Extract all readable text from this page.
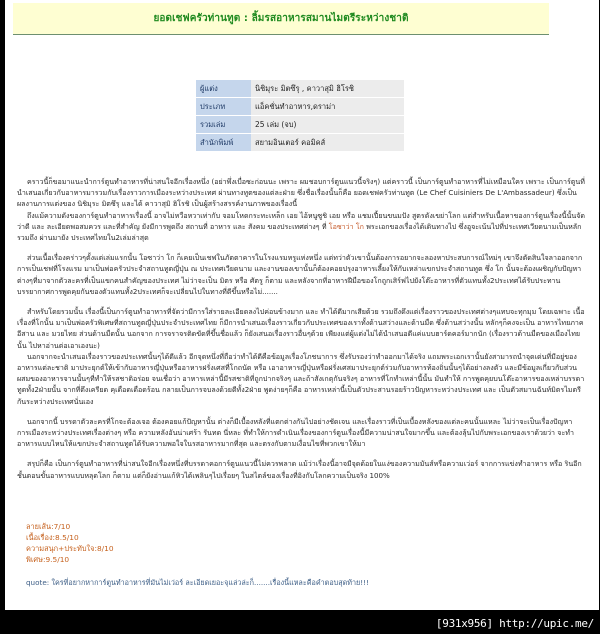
ยอดเชฟครัวท่านทูต : ลิ้มรสอาหารสมานไมตรีระหว่างชาติ
ผู้แต่ง	นิชิมุระ มิตซึรุ , คาวาสุมิ ฮิโรชิ
ประเภท	แอ็คชั่นทำอาหาร,ดราม่า
รวมเล่ม	25 เล่ม (จบ)
สำนักพิมพ์	สยามอินเตอร์ คอมิคส์

คราวนี้ก็ขอมาแนะนำการ์ตูนทำอาหารที่น่าสนใจอีกเรื่องหนึ่ง (อย่าพึ่งเบื่อซะก่อนนะ เพราะ ผมชอบการ์ตูนแนวนี้จริงๆ) แต่คราวนี้ เป็นการ์ตูนทำอาหารที่ไม่เหมือนใคร เพราะ เป็นการ์ตูนที่นำเสนอเกี่ยวกับอาหารมารวมกับเรื่องราวการเมืองระหว่างประเทศ ผ่านทางทูตของแต่ละฝ่าย ซึ่งชื่อเรื่องนั้นก็คือ ยอดเชฟครัวท่านทูต (Le Chef Cuisiniers De L'Ambassadeur) ซึ่งเป็นผลงานการแต่งของ นิชิมุระ มิตซึรุ และได้ คาวาสุมิ ฮิโรชิ เป็นผู้สร้างสรรค์งานภาพของเรื่องนี้

ถึงแม้ความดังของการ์ตูนทำอาหารเรื่องนี้ อาจไม่หวือหวาเท่ากับ จอมโหดกระทะเหล็ก เอย ไอ้หนูซูชิ เอย หรือ แชมเปี้ยนขนมปัง สูตรดังเขย่าโลก แต่สำหรับเนื้อหาของการ์ตูนเรื่องนี้นั้นจัดว่าดี และ ละเอียดพอสมควร และที่สำคัญ ยังมีการพูดถึง สถานที่ อาหาร และ สังคม ของประเทศต่างๆ ที่ โอซาว่า โก พระเอกของเรื่องได้เดินทางไป ซึ่งอูจะเน้นไปที่ประเทศเวียดนามเป็นหลัก รวมถึง ผ่านมายัง ประเทศไทยใน2เล่มล่าสุด

ส่วนเนื้อเรื่องคร่าวๆตั้งแต่เล่มแรกนั้น โอซาว่า โก ก็เคยเป็นเชฟในภัตตาคารในโรงแรมหรูแห่งหนึ่ง แต่ทว่าตัวเขานั้นต้องการอยากจะลองหาประสบการณ์ใหม่ๆ เขาจึงตัดสินใจลาออกจากการเป็นเชฟที่โรงแรม มาเป็นพ่อครัวประจำสถานทูตญี่ปุ่น ณ ประเทศเวียดนาม และงานของเขานั้นก็ต้องคอยปรุงอาหารเลี้ยงให้กับเหล่าแขกประจำสถานทูต ซึ่ง โก นั้นจะต้องเผชิญกับปัญหาต่างๆที่มาจากตัวละครที่เป็นแขกคนสำคัญของประเทศ ไม่ว่าจะเป็น มิตร หรือ ศัตรู ก็ตาม และหลังจากที่อาหารฝีมือของโกถูกเสิร์ฟไปยังโต๊ะอาหารที่ตัวแทนทั้ง2ประเทศได้รับประทาน บรรยากาศการพูดคุยกันของตัวแทนทั้ง2ประเทศก็จะเปลี่ยนไปในทางที่ดีขึ้นหรือไม่.......

สำหรับโดยรวมนั้น เรื่องนี้เป็นการ์ตูนทำอาหารที่จัดว่ามีการใส่รายละเอียดลงไปค่อนข้างมาก และ ทำได้ดีมากเสียด้วย รวมถึงดึงแต่เรื่องราวของประเทศต่างๆแทบจะทุกมุม โดยเฉพาะ เนื้อเรื่องที่โกนั้น มาเป็นพ่อครัวพิเศษที่สถานทูตญี่ปุ่นประจำประเทศไทย ก็มีการนำเสนอเรื่องราวเกี่ยวกับประเทศของเราทั้งด้านสว่างและด้านมืด ซึ่งด้านสว่างนั้น หลักๆก็คงจะเป็น อาหารไทยภาคอีสาน และ มวยไทย ส่วนด้านมืดนั้น นอกจาก การจราจรติดขัดที่ขึ้นชื่อแล้ว ก็ยังเสนอเรื่องราวอื่นๆด้วย เพียงแต่ผู้แต่งไม่ได้นำเสนอดีแค่แบบฮาร์ดคอร์มากนัก (เรื่องราวด้านมืดของเมืองไทยนั้น ไปหาอ่านต่อเอาเองนะ)

นอกจากจะนำเสนอเรื่องราวของประเทศนั้นๆได้ดีแล้ว อีกจุดหนึ่งที่ถือว่าทำได้ดีคือข้อมูลเรื่องโภชนาการ ซึ่งรับรองว่าทำออกมาได้จริง แถมพระเอกเรานั้นยังสามารถนำจุดเด่นที่มีอยู่ของอาหารแต่ละชาติ มาประยุกต์ให้เข้ากับอาหารญี่ปุ่นหรืออาหารฝรั่งเศสที่โกถนัด หรือ เอาอาหารญี่ปุ่นหรือฝรั่งเศสมาประยุกต์ร่วมกับอาหารท้องถิ่นนั้นๆได้อย่างลงตัว และมีข้อมูลเกี่ยวกับส่วนผสมของอาหารจานนั้นๆที่ทำให้รสชาติอร่อย จนเชื่อว่า อาหารเหล่านี้มีรสชาติที่ถูกปากจริงๆ และถ้าสังเกตุกันจริงๆ อาหารที่โกทำเหล่านี้นั้น มันทำให้ การพูดคุยบนโต๊ะอาหารของเหล่าบรรดาทูตทั้ง2ฝ่ายนั้น จากที่ตึงเครียด คุเดือดเดือดร้อน กลายเป็นการจบลงด้วยดีทั้ง2ฝ่าย พูดง่ายๆก็คือ อาหารเหล่านี้เป็นตัวประสานรอยร้าวปัญหาระหว่างประเทศ และ เป็นตัวสมานฉันท์มิตรไมตรีกันระหว่างประเทศนั่นเอง

นอกจากนี้ บรรดาตัวละครที่โกจะต้องเจอ ต้องคอยแก้ปัญหานั้น ต่างก็มีเบื้องหลังที่แตกต่างกันไปอย่างชัดเจน และเรื่องราวที่เป็นเบื้องหลังของแต่ละคนนั้นแหละ ไม่ว่าจะเป็นเรื่องปัญหาการเมืองระหว่างประเทศเรื่องต่างๆ หรือ ความหลังอันน่าเศร้า รันทด นี่หละ ที่ทำให้การดำเนินเรื่องของการ์ตูนเรื่องนี้มีความน่าสนใจมากขึ้น และต้องลุ้นไปกับพระเอกของเราด้วยว่า จะทำอาหารแบบไหนให้แขกประจำสถานทูตได้รับความพอใจในรสอาหารมากที่สุด และตรงกับตามเงื่อนไขที่พวกเขาให้มา

สรุปก็คือ เป็นการ์ตูนทำอาหารที่น่าสนใจอีกเรื่องหนึ่งที่บรรดาคอการ์ตูนแนวนี้ไม่ควรพลาด แม้ว่าเรื่องนี้อาจมีจุดด้อยในแง่ของความมันส์หรือความเว่อร์ จากการแข่งทำอาหาร หรือ รินอีกชั้นตอนขั้นอาหารแบบหลุดโลก ก็ตาม แต่ก็ยังอ่านแก้หิวได้เพลินๆไปเรื่อยๆ ในสไตล์ของเรื่องที่อิงกับโลกความเป็นจริง 100%

ลายเส้น:7/10
เนื้อเรื่อง:8.5/10
ความสนุก+ประทับใจ:8/10
พิเศษ:9.5/10
quote: ใครที่อยากหาการ์ตูนทำอาหารที่มันไม่เว่อร์ ละเอียดเยอะจุแล่วล่ะก็.......เรื่องนี้แหละคือคำตอบสุดท้าย!!!
[931x956] http://upic.me/
